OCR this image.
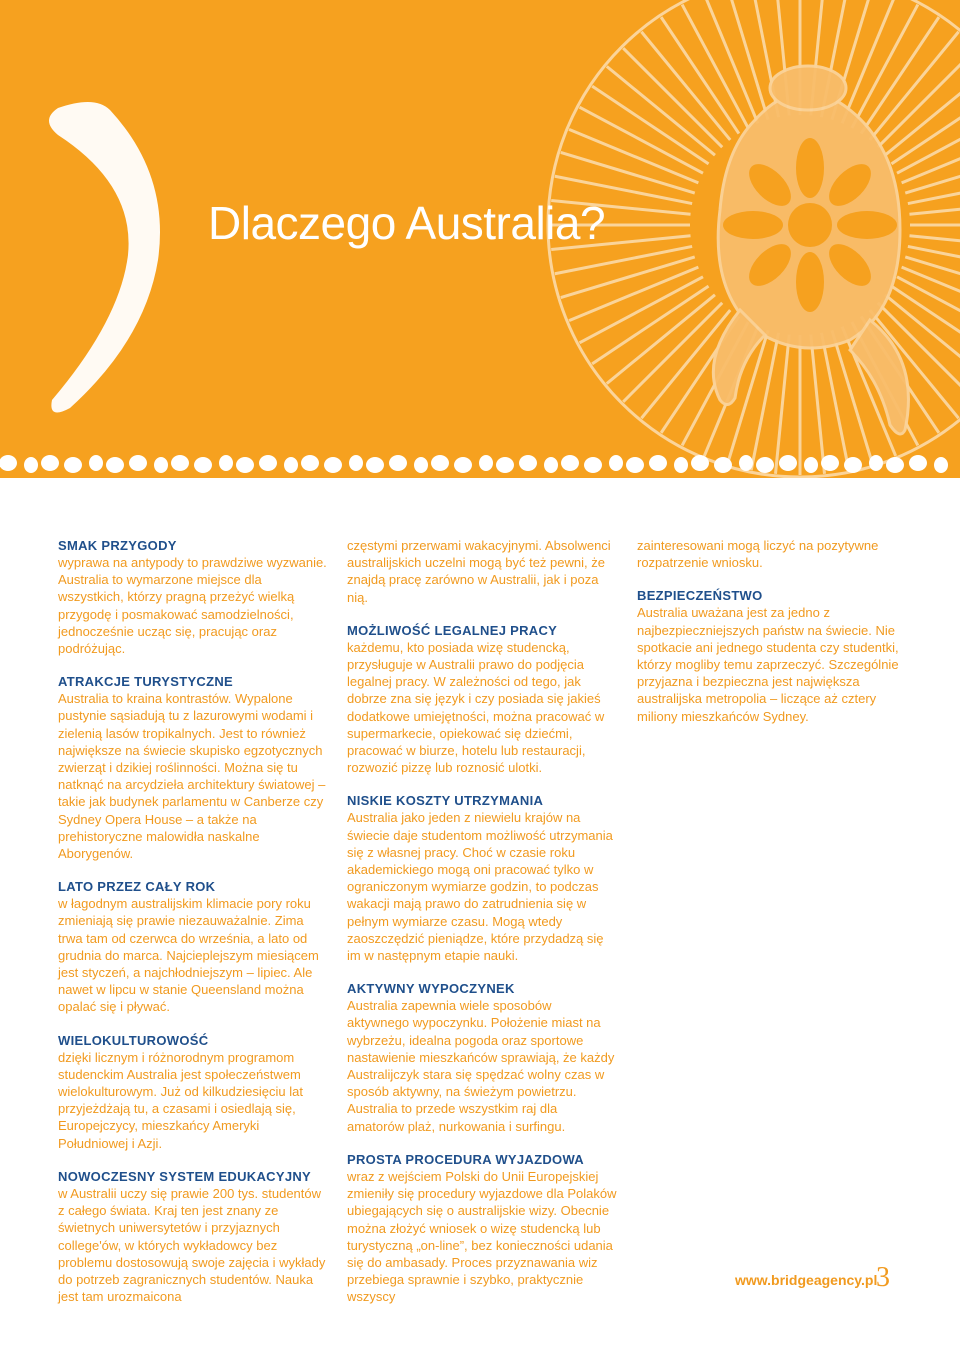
Dlaczego Australia?
SMAK PRZYGODY

wyprawa na antypody to prawdziwe wyzwanie. Australia to wymarzone miejsce dla wszystkich, którzy pragną przeżyć wielką przygodę i posmakować samodzielności, jednocześnie ucząc się, pracując oraz podróżując.

ATRAKCJE TURYSTYCZNE

Australia to kraina kontrastów. Wypalone pustynie sąsiadują tu z lazurowymi wodami i zielenią lasów tropikalnych. Jest to również największe na świecie skupisko egzotycznych zwierząt i dzikiej roślinności. Można się tu natknąć na arcydzieła architektury światowej – takie jak budynek parlamentu w Canberze czy Sydney Opera House – a także na prehistoryczne malowidła naskalne Aborygenów.

LATO PRZEZ CAŁY ROK

w łagodnym australijskim klimacie pory roku zmieniają się prawie niezauważalnie. Zima trwa tam od czerwca do września, a lato od grudnia do marca. Najcieplejszym miesiącem jest styczeń, a najchłodniejszym – lipiec. Ale nawet w lipcu w stanie Queensland można opalać się i pływać.

WIELOKULTUROWOŚĆ

dzięki licznym i różnorodnym programom studenckim Australia jest społeczeństwem wielokulturowym. Już od kilkudziesięciu lat przyjeżdżają tu, a czasami i osiedlają się, Europejczycy, mieszkańcy Ameryki Południowej i Azji.

NOWOCZESNY SYSTEM EDUKACYJNY

w Australii uczy się prawie 200 tys. studentów z całego świata. Kraj ten jest znany ze świetnych uniwersytetów i przyjaznych college'ów, w których wykładowcy bez problemu dostosowują swoje zajęcia i wykłady do potrzeb zagranicznych studentów. Nauka jest tam urozmaicona

częstymi przerwami wakacyjnymi. Absolwenci australijskich uczelni mogą być też pewni, że znajdą pracę zarówno w Australii, jak i poza nią.

MOŻLIWOŚĆ LEGALNEJ PRACY

każdemu, kto posiada wizę studencką, przysługuje w Australii prawo do podjęcia legalnej pracy. W zależności od tego, jak dobrze zna się język i czy posiada się jakieś dodatkowe umiejętności, można pracować w supermarkecie, opiekować się dziećmi, pracować w biurze, hotelu lub restauracji, rozwozić pizzę lub roznosić ulotki.

NISKIE KOSZTY UTRZYMANIA

Australia jako jeden z niewielu krajów na świecie daje studentom możliwość utrzymania się z własnej pracy. Choć w czasie roku akademickiego mogą oni pracować tylko w ograniczonym wymiarze godzin, to podczas wakacji mają prawo do zatrudnienia się w pełnym wymiarze czasu. Mogą wtedy zaoszczędzić pieniądze, które przydadzą się im w następnym etapie nauki.

AKTYWNY WYPOCZYNEK

Australia zapewnia wiele sposobów aktywnego wypoczynku. Położenie miast na wybrzeżu, idealna pogoda oraz sportowe nastawienie mieszkańców sprawiają, że każdy Australijczyk stara się spędzać wolny czas w sposób aktywny, na świeżym powietrzu. Australia to przede wszystkim raj dla amatorów plaż, nurkowania i surfingu.

PROSTA PROCEDURA WYJAZDOWA

wraz z wejściem Polski do Unii Europejskiej zmieniły się procedury wyjazdowe dla Polaków ubiegających się o australijskie wizy. Obecnie można złożyć wniosek o wizę studencką lub turystyczną „on-line”, bez konieczności udania się do ambasady. Proces przyznawania wiz przebiega sprawnie i szybko, praktycznie wszyscy

zainteresowani mogą liczyć na pozytywne rozpatrzenie wniosku.

BEZPIECZEŃSTWO

Australia uważana jest za jedno z najbezpieczniejszych państw na świecie. Nie spotkacie ani jednego studenta czy studentki, którzy mogliby temu zaprzeczyć. Szczególnie przyjazna i bezpieczna jest największa australijska metropolia – liczące aż cztery miliony mieszkańców Sydney.

www.bridgeagency.pl
3
